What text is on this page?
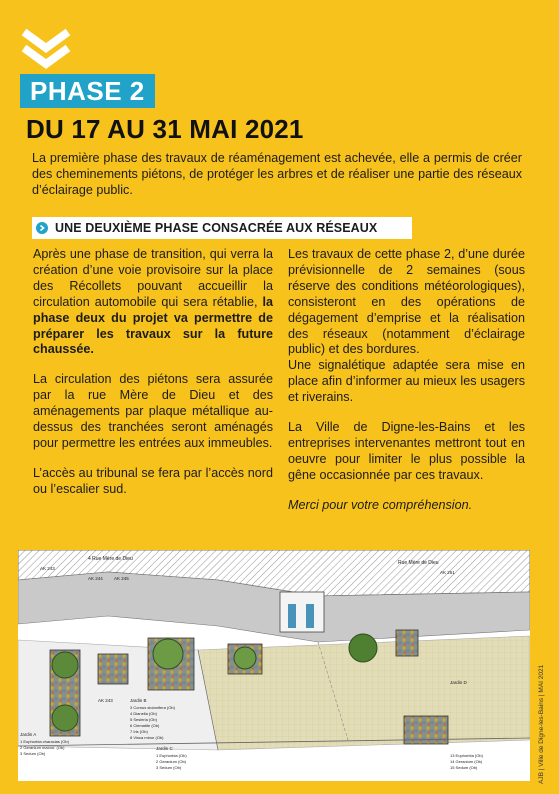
PHASE 2
DU 17 AU 31 MAI 2021
La première phase des travaux de réaménagement est achevée, elle a permis de créer des cheminements piétons, de protéger les arbres et de réaliser une partie des réseaux d’éclairage public.
UNE DEUXIÈME PHASE CONSACRÉE AUX RÉSEAUX

Après une phase de transition, qui verra la création d’une voie provisoire sur la place des Récollets pouvant accueillir la circulation automobile qui sera rétablie, la phase deux du projet va permettre de préparer les travaux sur la future chaussée.

La circulation des piétons sera assurée par la rue Mère de Dieu et des aménagements par plaque métallique au-dessus des tranchées seront aménagés pour permettre les entrées aux immeubles.

L’accès au tribunal se fera par l’accès nord ou l’escalier sud.

Les travaux de cette phase 2, d’une durée prévisionnelle de 2 semaines (sous réserve des conditions météorologiques), consisteront en des opérations de dégagement d’emprise et la réalisation des réseaux (notamment d’éclairage public) et des bordures.

Une signalétique adaptée sera mise en place afin d’informer au mieux les usagers et riverains.

La Ville de Digne-les-Bains et les entreprises intervenantes mettront tout en oeuvre pour limiter le plus possible la gêne occasionnée par ces travaux.

Merci pour votre compréhension.

4 Rue Mère de Dieu
Rue Mère de Dieu
AK 243
AK 244 AK 245
AK 251
AK 243
Jardin A
Jardin B
Jardin C
Jardin D
1 Euphorbia characias (Ob)
2 Geranium macror. (Ob)
3 Sedum (Ob)
3 Cornus stolonifera (Ob)
4 Dianella (Ob)
5 Sesleria (Ob)
6 Clematite (Ob)
7 Iris (Ob)
8 Vinca minor (Ob)
1 Euphorbia (Ob)
2 Geranium (Ob)
3 Sedum (Ob)
13 Euphorbia (Ob)
14 Geranium (Ob)
15 Sedum (Ob)	AJB | Ville de Digne-les-Bains | MAI 2021
